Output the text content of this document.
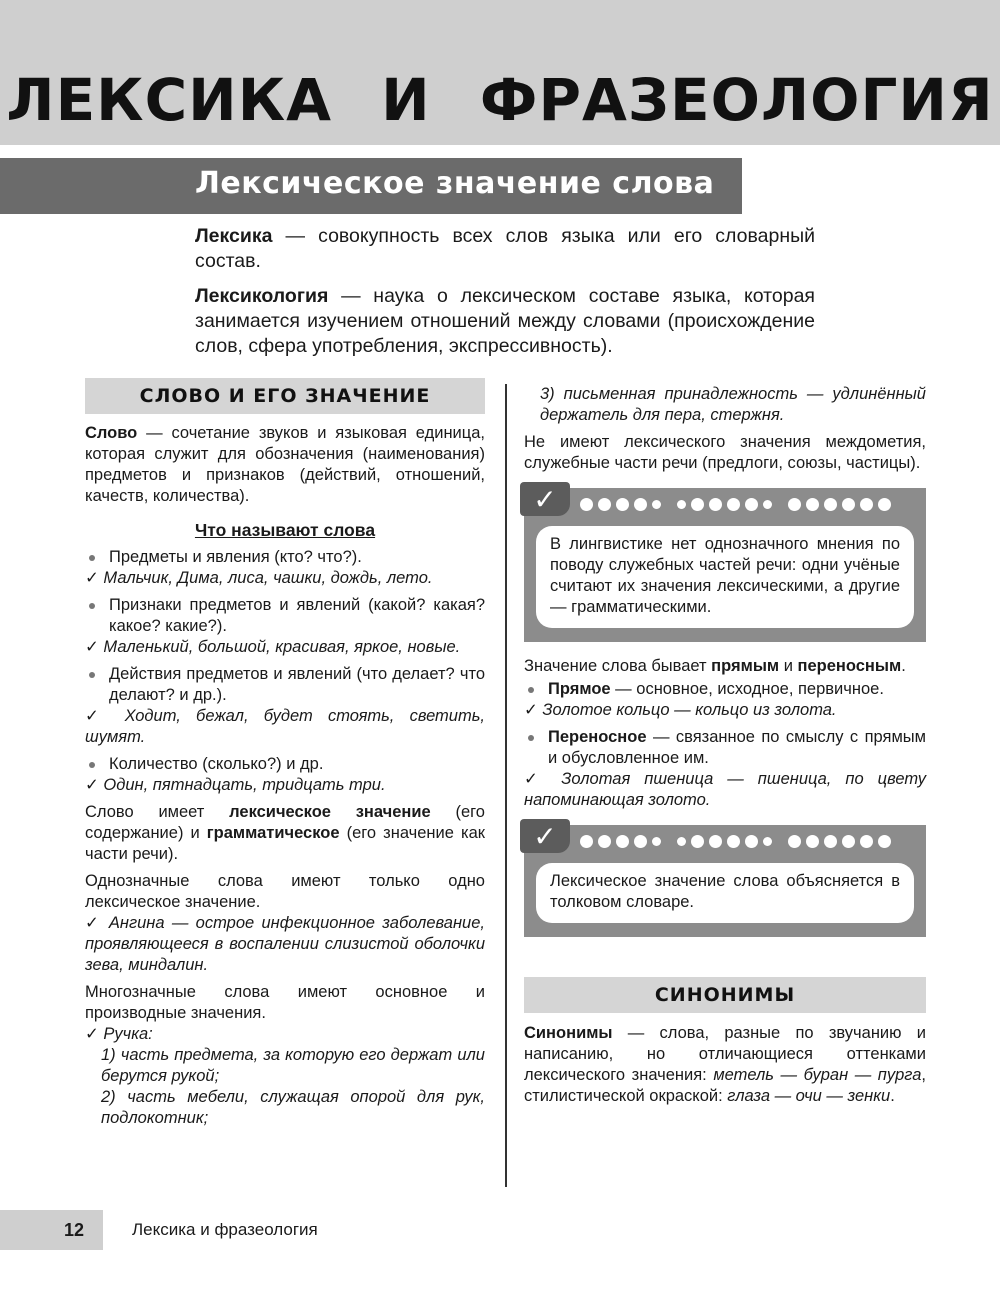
ЛЕКСИКА И ФРАЗЕОЛОГИЯ
Лексическое значение слова
Лексика — совокупность всех слов языка или его словарный состав.
Лексикология — наука о лексическом составе языка, которая занимается изучением отношений между словами (происхождение слов, сфера употребления, экспрессивность).
СЛОВО И ЕГО ЗНАЧЕНИЕ

Слово — сочетание звуков и языковая единица, которая служит для обозначения (наименования) предметов и признаков (действий, отношений, качеств, количества).

Что называют слова
Предметы и явления (кто? что?).
✓ Мальчик, Дима, лиса, чашки, дождь, лето.
Признаки предметов и явлений (какой? какая? какое? какие?).
✓ Маленький, большой, красивая, яркое, новые.
Действия предметов и явлений (что делает? что делают? и др.).
✓ Ходит, бежал, будет стоять, светить, шумят.
Количество (сколько?) и др.
✓ Один, пятнадцать, тридцать три.

Слово имеет лексическое значение (его содержание) и грамматическое (его значение как части речи).

Однозначные слова имеют только одно лексическое значение.

✓ Ангина — острое инфекционное заболевание, проявляющееся в воспалении слизистой оболочки зева, миндалин.

Многозначные слова имеют основное и производные значения.

✓ Ручка:
1) часть предмета, за которую его держат или берутся рукой;
2) часть мебели, служащая опорой для рук, подлокотник;
3) письменная принадлежность — удлинённый держатель для пера, стержня.

Не имеют лексического значения междометия, служебные части речи (предлоги, союзы, частицы).

✓
В лингвистике нет однозначного мнения по поводу служебных частей речи: одни учёные считают их значения лексическими, а другие — грамматическими.

Значение слова бывает прямым и переносным.

Прямое — основное, исходное, первичное.
✓ Золотое кольцо — кольцо из золота.
Переносное — связанное по смыслу с прямым и обусловленное им.
✓ Золотая пшеница — пшеница, по цвету напоминающая золото.
✓
Лексическое значение слова объясняется в толковом словаре.
СИНОНИМЫ

Синонимы — слова, разные по звучанию и написанию, но отличающиеся оттенками лексического значения: метель — буран — пурга, стилистической окраской: глаза — очи — зенки.

12	Лексика и фразеология
